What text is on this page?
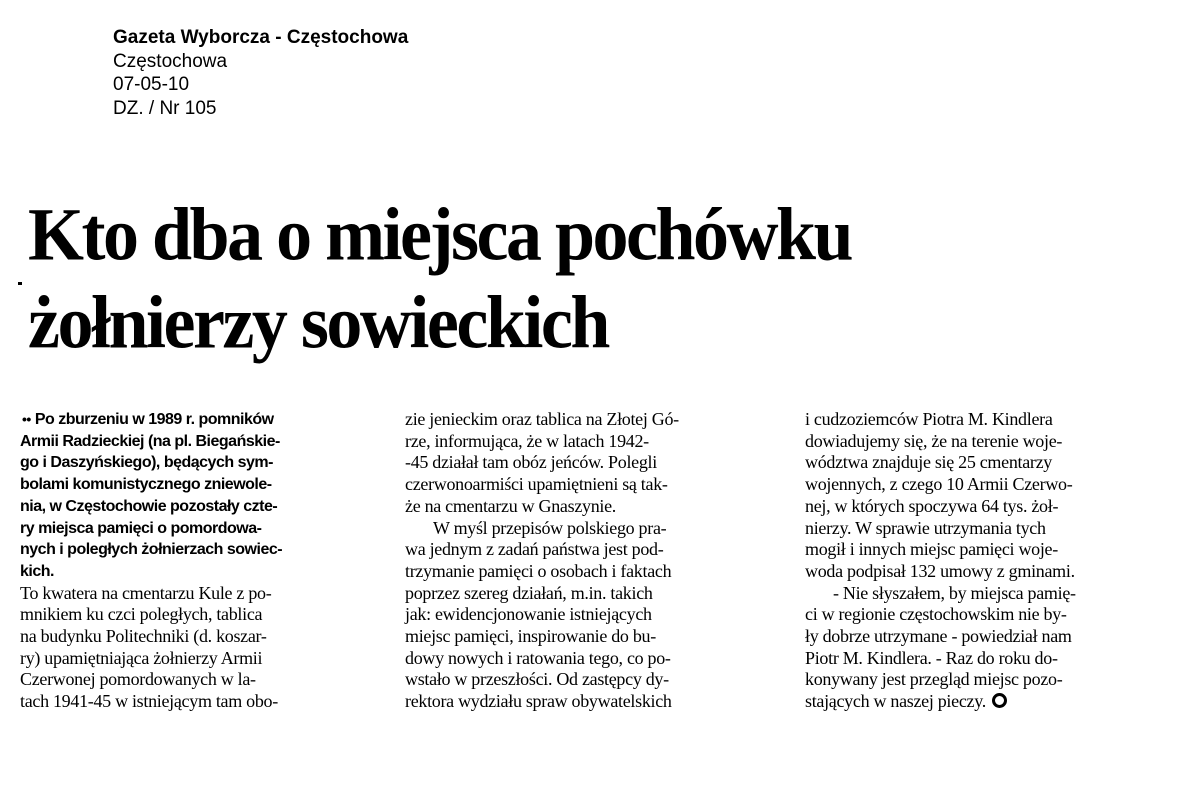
Gazeta Wyborcza - Częstochowa
Częstochowa
07-05-10
DZ. / Nr 105
Kto dba o miejsca pochówku
żołnierzy sowieckich
•• Po zburzeniu w 1989 r. pomników
Armii Radzieckiej (na pl. Biegańskie-
go i Daszyńskiego), będących sym-
bolami komunistycznego zniewole-
nia, w Częstochowie pozostały czte-
ry miejsca pamięci o pomordowa-
nych i poległych żołnierzach sowiec-
kich.
To kwatera na cmentarzu Kule z po-
mnikiem ku czci poległych, tablica
na budynku Politechniki (d. koszar-
ry) upamiętniająca żołnierzy Armii
Czerwonej pomordowanych w la-
tach 1941-45 w istniejącym tam obo-
zie jenieckim oraz tablica na Złotej Gó-
rze, informująca, że w latach 1942-
-45 działał tam obóz jeńców. Polegli
czerwonoarmiści upamiętnieni są tak-
że na cmentarzu w Gnaszynie.
W myśl przepisów polskiego pra-
wa jednym z zadań państwa jest pod-
trzymanie pamięci o osobach i faktach
poprzez szereg działań, m.in. takich
jak: ewidencjonowanie istniejących
miejsc pamięci, inspirowanie do bu-
dowy nowych i ratowania tego, co po-
wstało w przeszłości. Od zastępcy dy-
rektora wydziału spraw obywatelskich
i cudzoziemców Piotra M. Kindlera
dowiadujemy się, że na terenie woje-
wództwa znajduje się 25 cmentarzy
wojennych, z czego 10 Armii Czerwo-
nej, w których spoczywa 64 tys. żoł-
nierzy. W sprawie utrzymania tych
mogił i innych miejsc pamięci woje-
woda podpisał 132 umowy z gminami.
- Nie słyszałem, by miejsca pamię-
ci w regionie częstochowskim nie by-
ły dobrze utrzymane - powiedział nam
Piotr M. Kindlera. - Raz do roku do-
konywany jest przegląd miejsc pozo-
stających w naszej pieczy.
